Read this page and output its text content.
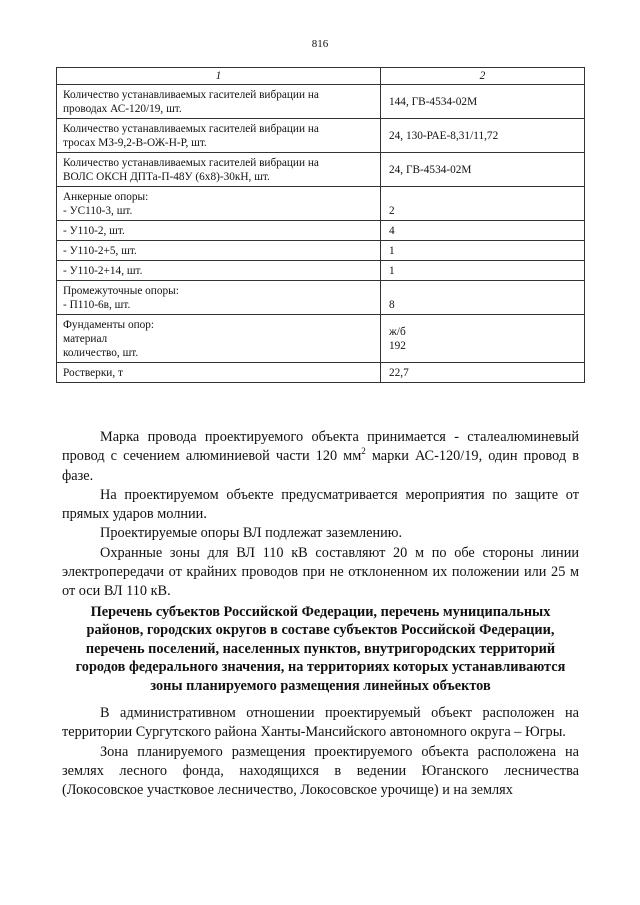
816
1	2

Количество устанавливаемых гасителей вибрации на
проводах АС-120/19, шт.	144, ГВ-4534-02М

Количество устанавливаемых гасителей вибрации на
тросах МЗ-9,2-В-ОЖ-Н-Р, шт.	24, 130-РАЕ-8,31/11,72

Количество устанавливаемых гасителей вибрации на
ВОЛС ОКСН ДПТа-П-48У (6х8)-30кН, шт.	24, ГВ-4534-02М

Анкерные опоры:
- УС110-3, шт.	2

- У110-2, шт.	4

- У110-2+5, шт.	1

- У110-2+14, шт.	1

Промежуточные опоры:
- П110-6в, шт.	8

Фундаменты опор:
материал
количество, шт.	ж/б
192

Ростверки, т	22,7

Марка провода проектируемого объекта принимается - сталеалюминевый провод с сечением алюминиевой части 120 $мм^2$ марки АС-120/19, один провод в фазе.

На проектируемом объекте предусматривается мероприятия по защите от прямых ударов молнии.

Проектируемые опоры ВЛ подлежат заземлению.

Охранные зоны для ВЛ 110 кВ составляют 20 м по обе стороны линии электропередачи от крайних проводов при не отклоненном их положении или 25 м от оси ВЛ 110 кВ.

Перечень субъектов Российской Федерации, перечень муниципальных районов, городских округов в составе субъектов Российской Федерации, перечень поселений, населенных пунктов, внутригородских территорий городов федерального значения, на территориях которых устанавливаются зоны планируемого размещения линейных объектов

В административном отношении проектируемый объект расположен на территории Сургутского района Ханты-Мансийского автономного округа – Югры.

Зона планируемого размещения проектируемого объекта расположена на землях лесного фонда, находящихся в ведении Юганского лесничества (Локосовское участковое лесничество, Локосовское урочище) и на землях
